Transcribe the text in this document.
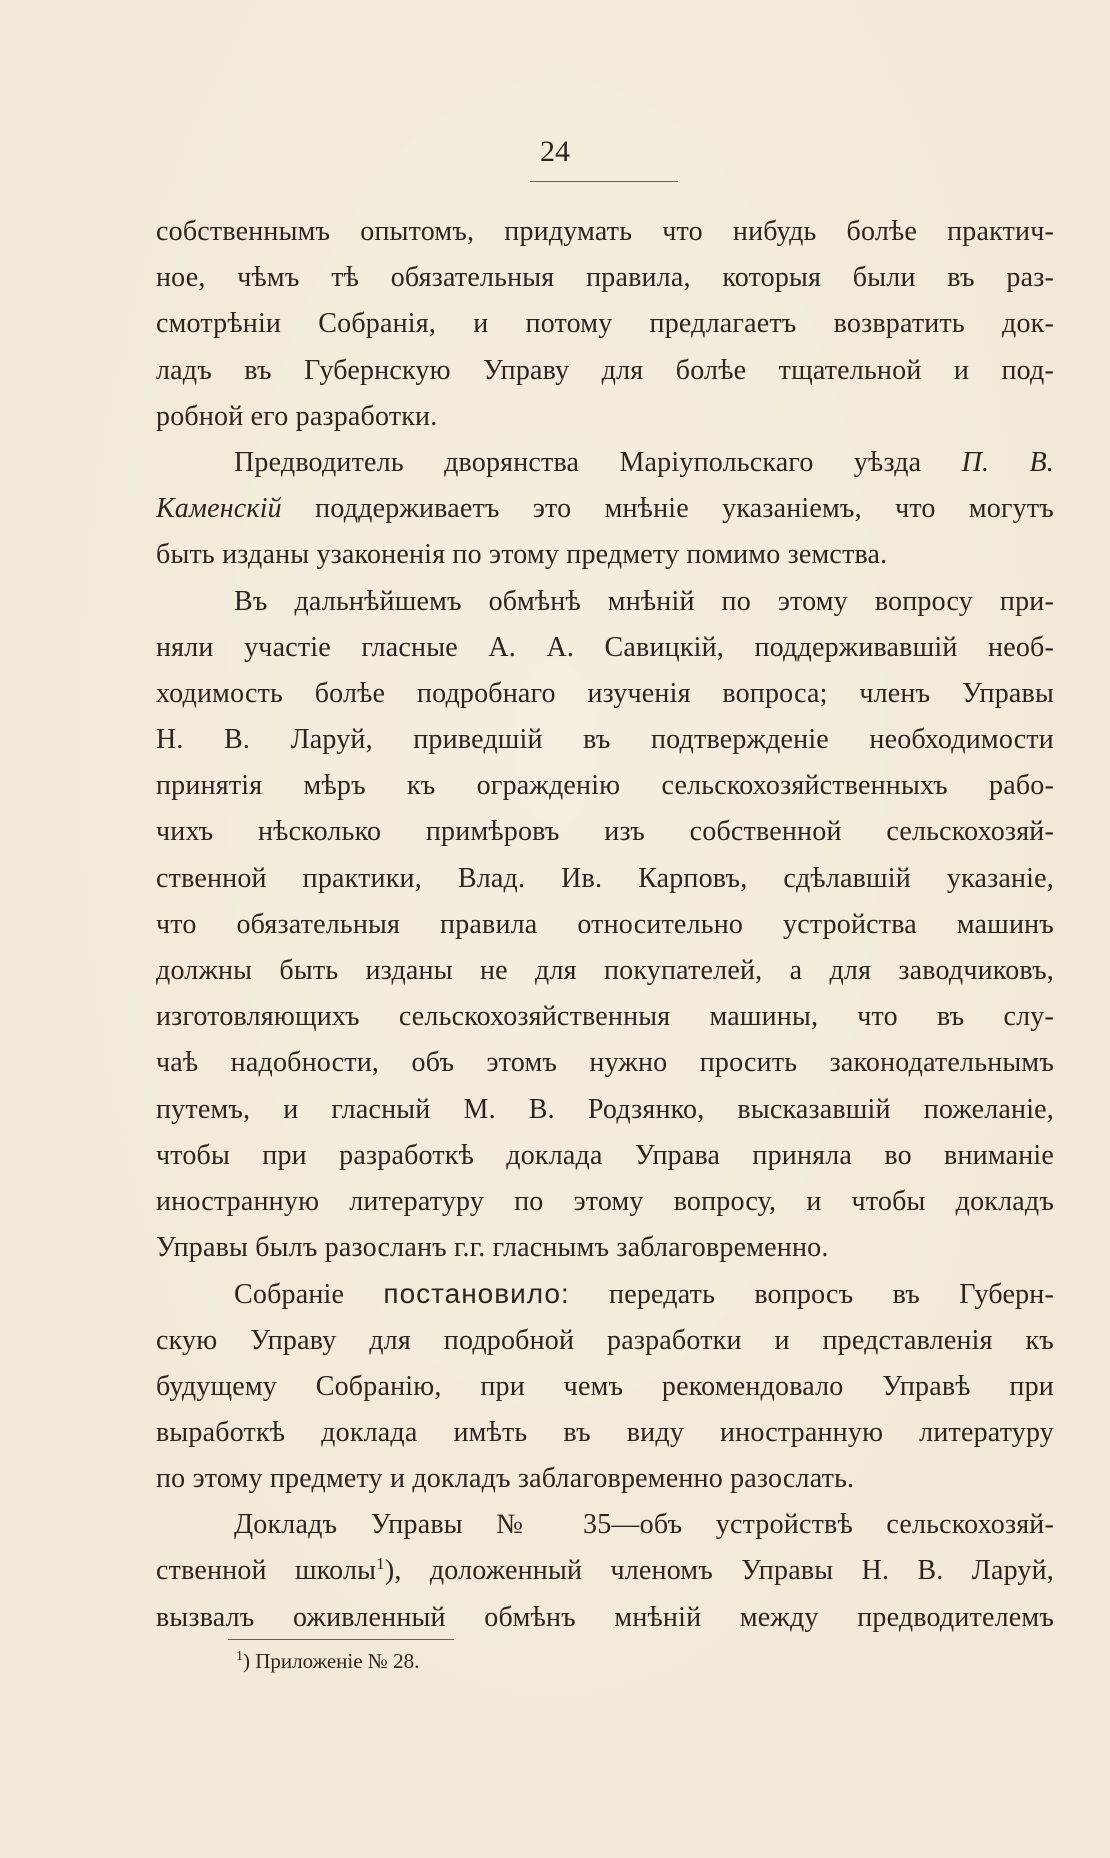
24
собственнымъ опытомъ, придумать что нибудь болѣе практич-
ное, чѣмъ тѣ обязательныя правила, которыя были въ раз-
смотрѣніи Собранія, и потому предлагаетъ возвратить док-
ладъ въ Губернскую Управу для болѣе тщательной и под-
робной его разработки.
Предводитель дворянства Маріупольскаго уѣзда П. В.
Каменскій поддерживаетъ это мнѣніе указаніемъ, что могутъ
быть изданы узаконенія по этому предмету помимо земства.
Въ дальнѣйшемъ обмѣнѣ мнѣній по этому вопросу при-
няли участіе гласные А. А. Савицкій, поддерживавшій необ-
ходимость болѣе подробнаго изученія вопроса; членъ Управы
Н. В. Ларуй, приведшій въ подтвержденіе необходимости
принятія мѣръ къ огражденію сельскохозяйственныхъ рабо-
чихъ нѣсколько примѣровъ изъ собственной сельскохозяй-
ственной практики, Влад. Ив. Карповъ, сдѣлавшій указаніе,
что обязательныя правила относительно устройства машинъ
должны быть изданы не для покупателей, а для заводчиковъ,
изготовляющихъ сельскохозяйственныя машины, что въ слу-
чаѣ надобности, объ этомъ нужно просить законодательнымъ
путемъ, и гласный М. В. Родзянко, высказавшій пожеланіе,
чтобы при разработкѣ доклада Управа приняла во вниманіе
иностранную литературу по этому вопросу, и чтобы докладъ
Управы былъ разосланъ г.г. гласнымъ заблаговременно.
Собраніе постановило: передать вопросъ въ Губерн-
скую Управу для подробной разработки и представленія къ
будущему Собранію, при чемъ рекомендовало Управѣ при
выработкѣ доклада имѣть въ виду иностранную литературу
по этому предмету и докладъ заблаговременно разослать.
Докладъ Управы № 35—объ устройствѣ сельскохозяй-
ственной школы$^1$), доложенный членомъ Управы Н. В. Ларуй,
вызвалъ оживленный обмѣнъ мнѣній между предводителемъ
$^1$) Приложеніе № 28.
